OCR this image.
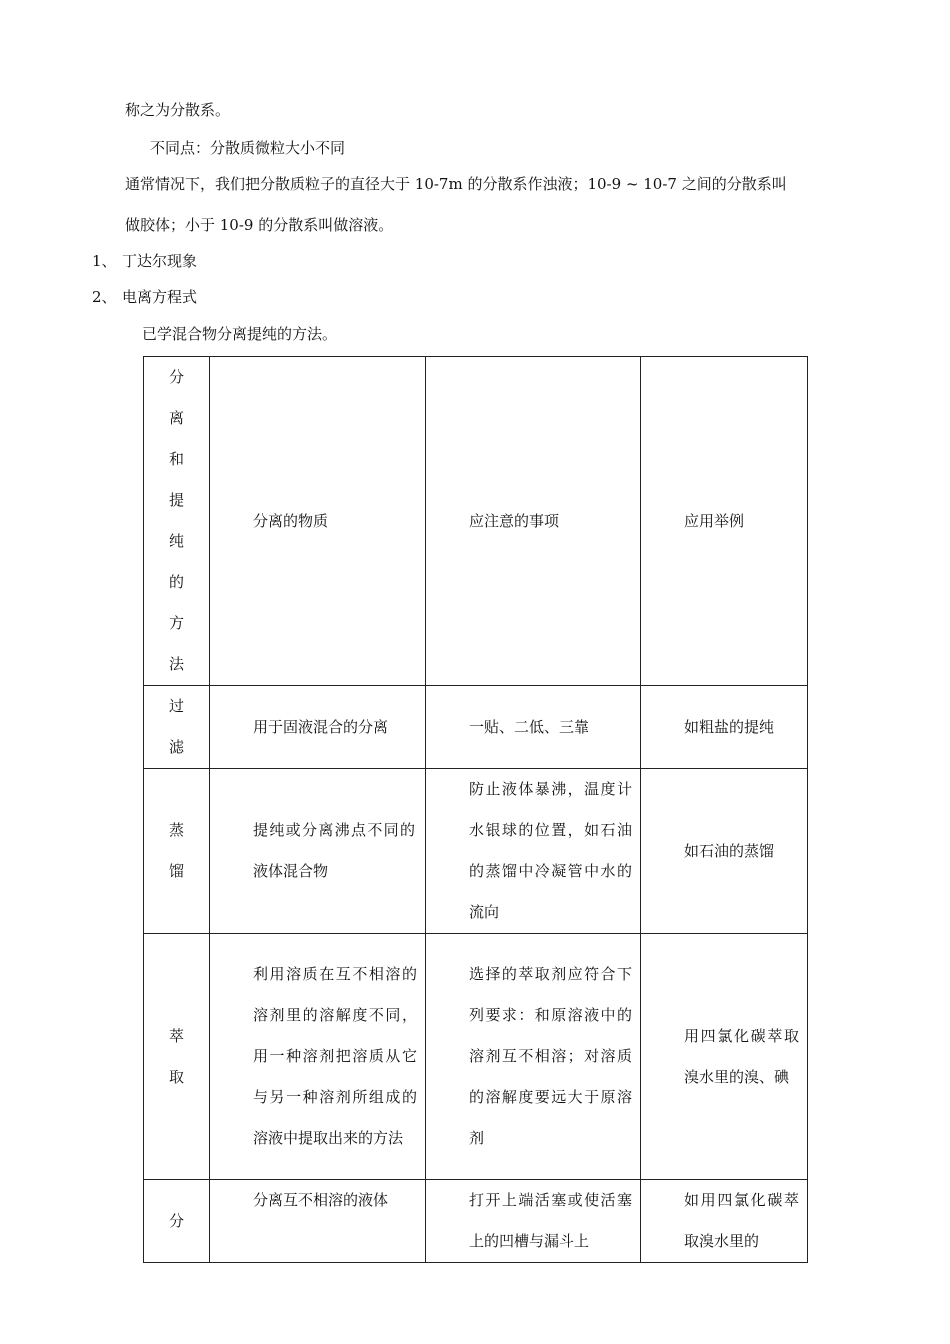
称之为分散系。
不同点：分散质微粒大小不同
通常情况下，我们把分散质粒子的直径大于 10-7m 的分散系作浊液；10-9 ~ 10-7 之间的分散系叫
做胶体；小于 10-9 的分散系叫做溶液。
1、 丁达尔现象
2、 电离方程式
已学混合物分离提纯的方法。
分离和提纯的方法	分离的物质	应注意的事项	应用举例

过滤	用于固液混合的分离	一贴、二低、三靠	如粗盐的提纯

蒸馏	提纯或分离沸点不同的液体混合物	防止液体暴沸，温度计水银球的位置，如石油的蒸馏中冷凝管中水的流向	如石油的蒸馏

萃取	利用溶质在互不相溶的溶剂里的溶解度不同，用一种溶剂把溶质从它与另一种溶剂所组成的溶液中提取出来的方法	选择的萃取剂应符合下列要求：和原溶液中的溶剂互不相溶；对溶质的溶解度要远大于原溶剂	用四氯化碳萃取溴水里的溴、碘

分	分离互不相溶的液体	打开上端活塞或使活塞上的凹槽与漏斗上	如用四氯化碳萃取溴水里的
